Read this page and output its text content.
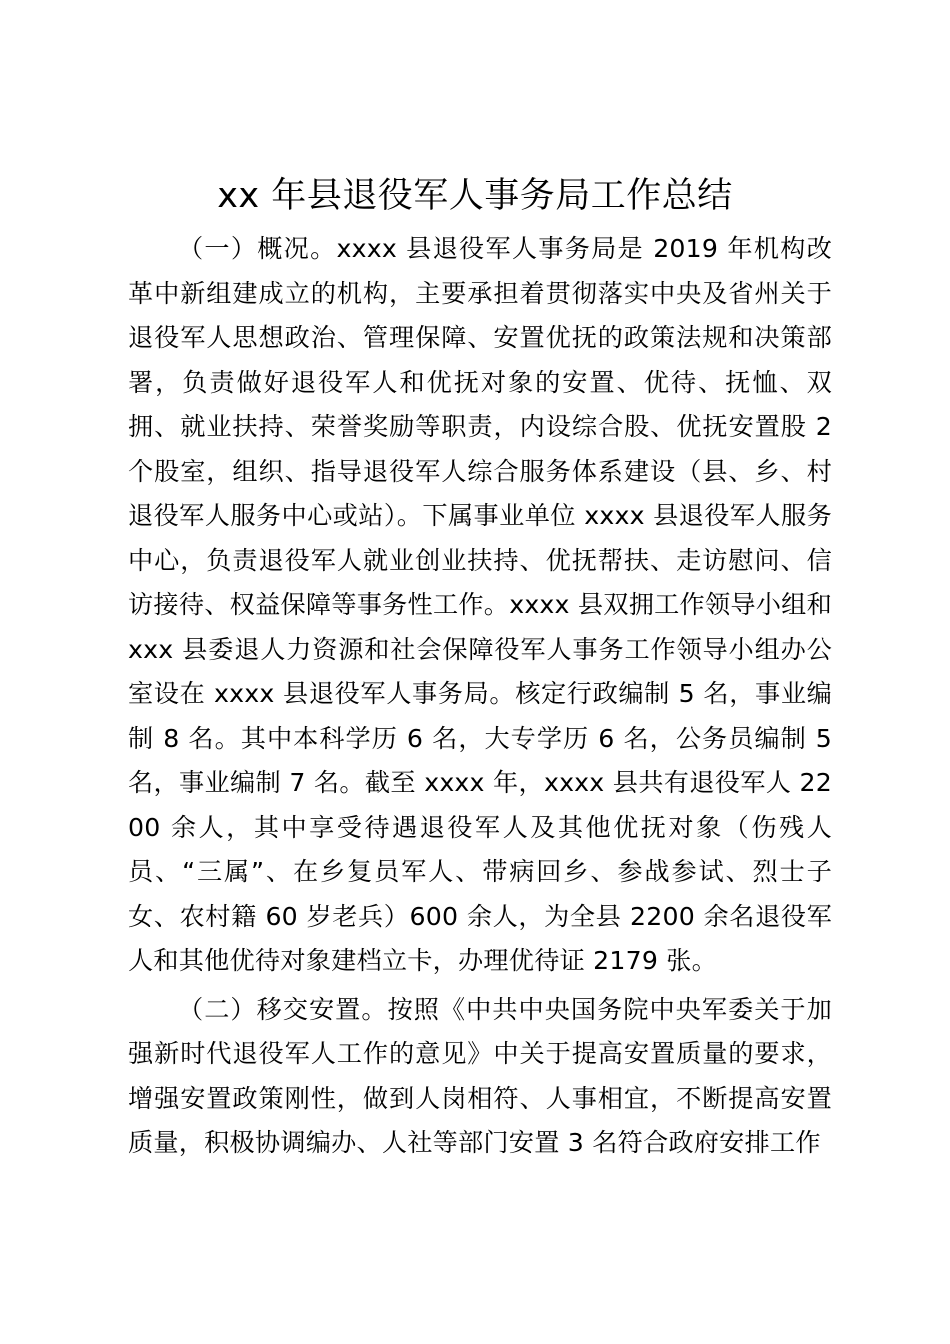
xx 年县退役军人事务局工作总结

（一）概况。xxxx 县退役军人事务局是 2019 年机构改革中新组建成立的机构，主要承担着贯彻落实中央及省州关于退役军人思想政治、管理保障、安置优抚的政策法规和决策部署，负责做好退役军人和优抚对象的安置、优待、抚恤、双拥、就业扶持、荣誉奖励等职责，内设综合股、优抚安置股 2 个股室，组织、指导退役军人综合服务体系建设（县、乡、村退役军人服务中心或站）。下属事业单位 xxxx 县退役军人服务中心，负责退役军人就业创业扶持、优抚帮扶、走访慰问、信访接待、权益保障等事务性工作。xxxx 县双拥工作领导小组和 xxx 县委退人力资源和社会保障役军人事务工作领导小组办公室设在 xxxx 县退役军人事务局。核定行政编制 5 名，事业编制 8 名。其中本科学历 6 名，大专学历 6 名，公务员编制 5 名，事业编制 7 名。截至 xxxx 年，xxxx 县共有退役军人 2200 余人，其中享受待遇退役军人及其他优抚对象（伤残人员、“三属”、在乡复员军人、带病回乡、参战参试、烈士子女、农村籍 60 岁老兵）600 余人，为全县 2200 余名退役军人和其他优待对象建档立卡，办理优待证 2179 张。

（二）移交安置。按照《中共中央国务院中央军委关于加强新时代退役军人工作的意见》中关于提高安置质量的要求，增强安置政策刚性，做到人岗相符、人事相宜，不断提高安置质量，积极协调编办、人社等部门安置 3 名符合政府安排工作
